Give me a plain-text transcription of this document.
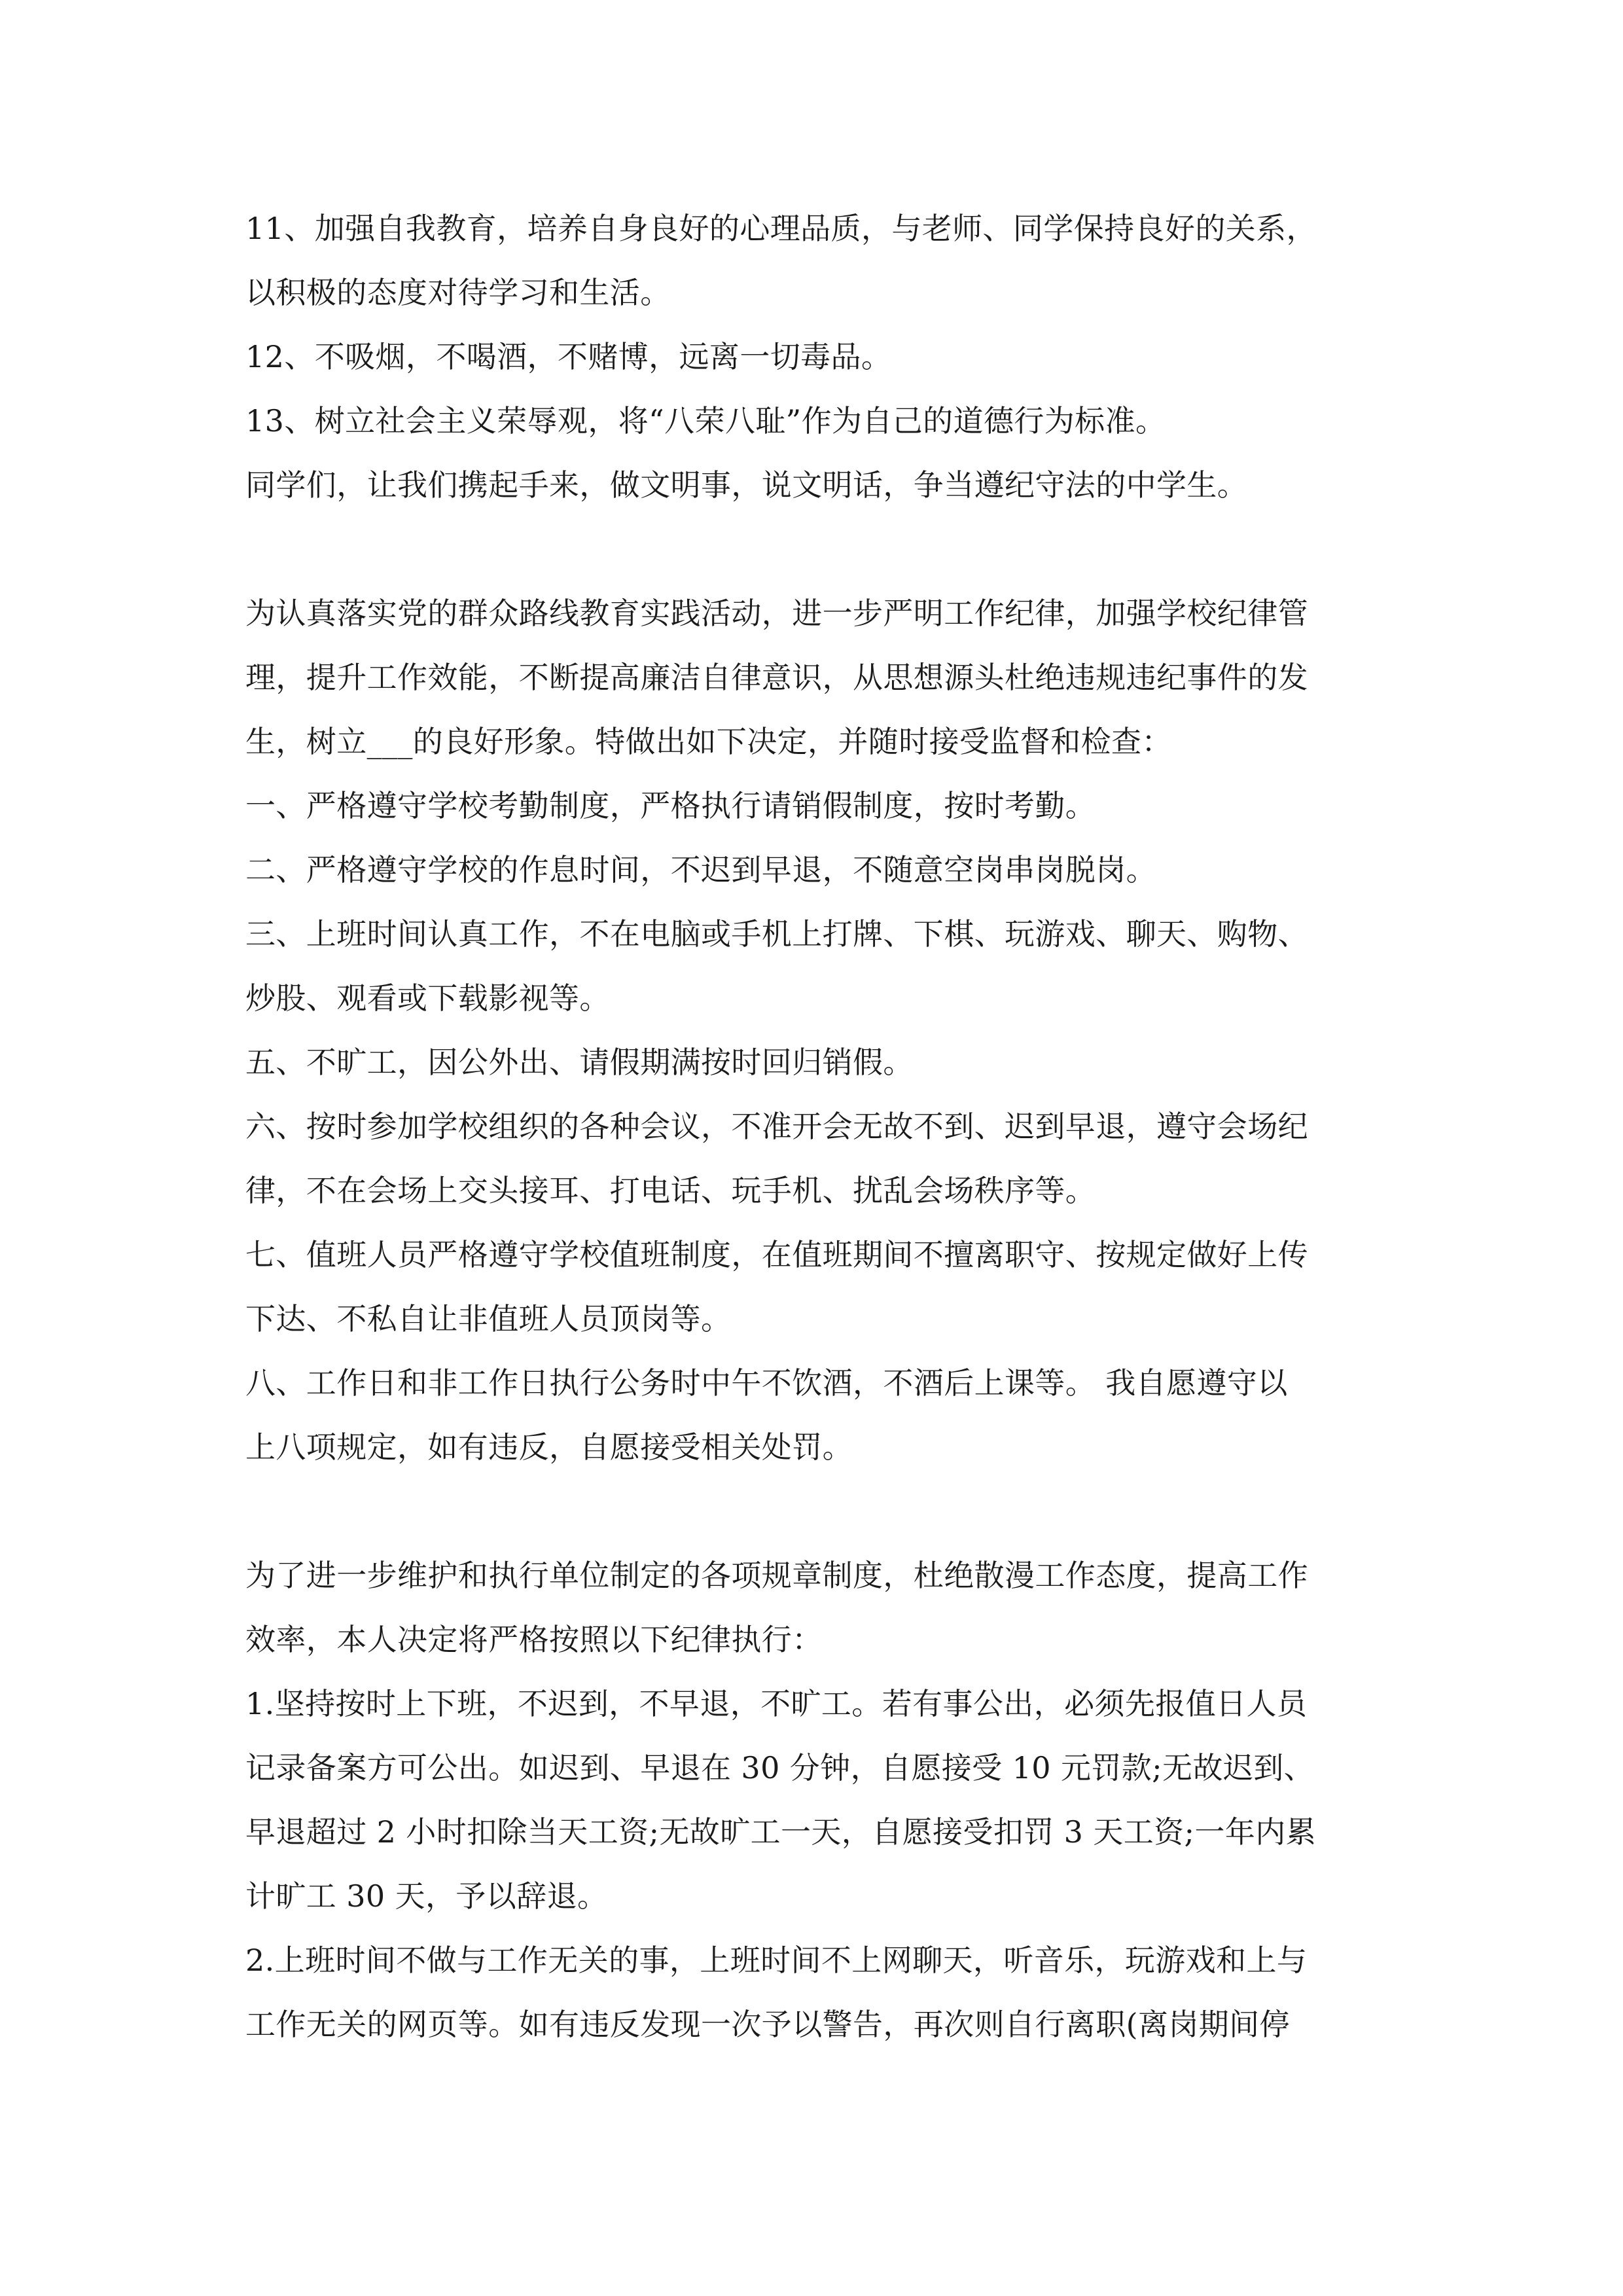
11、加强自我教育，培养自身良好的心理品质，与老师、同学保持良好的关系，
以积极的态度对待学习和生活。
12、不吸烟，不喝酒，不赌博，远离一切毒品。
13、树立社会主义荣辱观，将“八荣八耻”作为自己的道德行为标准。
同学们，让我们携起手来，做文明事，说文明话，争当遵纪守法的中学生。
为认真落实党的群众路线教育实践活动，进一步严明工作纪律，加强学校纪律管
理，提升工作效能，不断提高廉洁自律意识，从思想源头杜绝违规违纪事件的发
生，树立___的良好形象。特做出如下决定，并随时接受监督和检查：
一、严格遵守学校考勤制度，严格执行请销假制度，按时考勤。
二、严格遵守学校的作息时间，不迟到早退，不随意空岗串岗脱岗。
三、上班时间认真工作，不在电脑或手机上打牌、下棋、玩游戏、聊天、购物、
炒股、观看或下载影视等。
五、不旷工，因公外出、请假期满按时回归销假。
六、按时参加学校组织的各种会议，不准开会无故不到、迟到早退，遵守会场纪
律，不在会场上交头接耳、打电话、玩手机、扰乱会场秩序等。
七、值班人员严格遵守学校值班制度，在值班期间不擅离职守、按规定做好上传
下达、不私自让非值班人员顶岗等。
八、工作日和非工作日执行公务时中午不饮酒，不酒后上课等。 我自愿遵守以
上八项规定，如有违反，自愿接受相关处罚。
为了进一步维护和执行单位制定的各项规章制度，杜绝散漫工作态度，提高工作
效率，本人决定将严格按照以下纪律执行：
1.坚持按时上下班，不迟到，不早退，不旷工。若有事公出，必须先报值日人员
记录备案方可公出。如迟到、早退在 30 分钟，自愿接受 10 元罚款;无故迟到、
早退超过 2 小时扣除当天工资;无故旷工一天，自愿接受扣罚 3 天工资;一年内累
计旷工 30 天，予以辞退。
2.上班时间不做与工作无关的事，上班时间不上网聊天，听音乐，玩游戏和上与
工作无关的网页等。如有违反发现一次予以警告，再次则自行离职(离岗期间停
